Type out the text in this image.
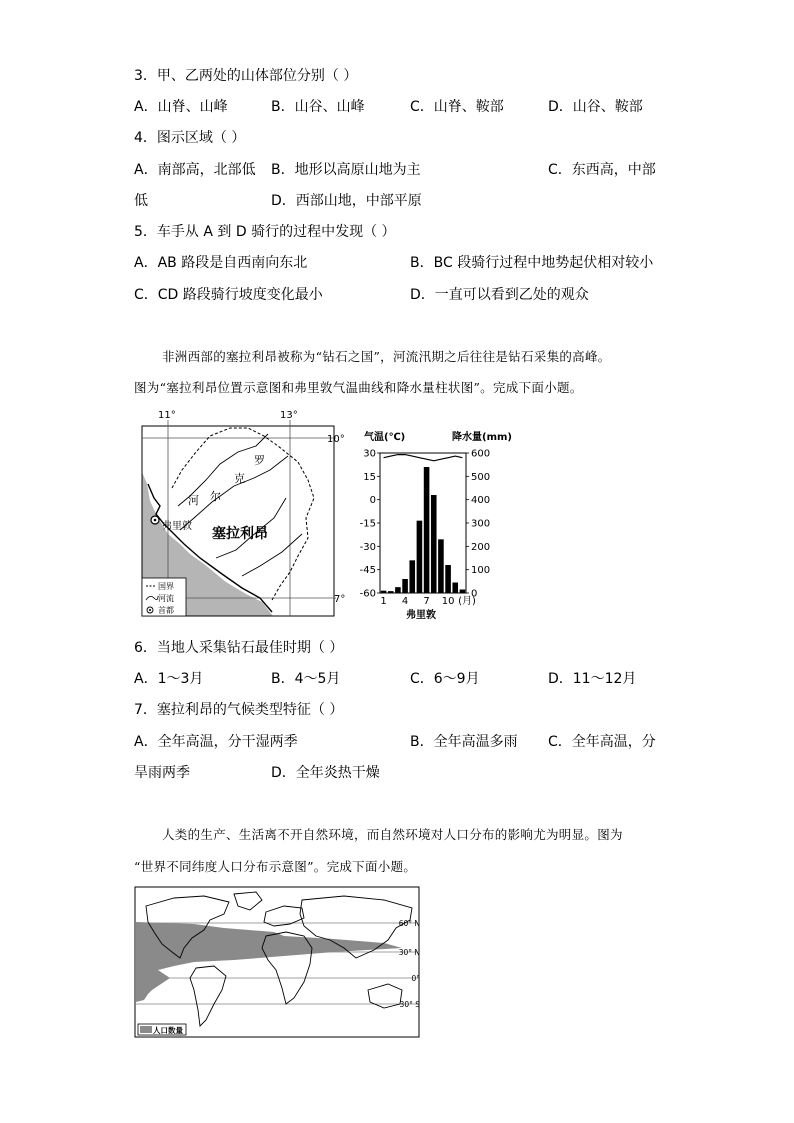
3．甲、乙两处的山体部位分别（ ）
A．山脊、山峰	B．山谷、山峰	C．山脊、鞍部	D．山谷、鞍部
4．图示区域（ ）
A．南部高，北部低 B．地形以高原山地为主	C．东西高，中部
低	D．西部山地，中部平原
5．车手从 A 到 D 骑行的过程中发现（ ）
A．AB 路段是自西南向东北	B．BC 段骑行过程中地势起伏相对较小
C．CD 路段骑行坡度变化最小	D．一直可以看到乙处的观众
非洲西部的塞拉利昂被称为“钻石之国”，河流汛期之后往往是钻石采集的高峰。
图为“塞拉利昂位置示意图和弗里敦气温曲线和降水量柱状图”。完成下面小题。
罗
克
尔
河
弗里敦 塞拉利昂
11°	13°
10°
7°
国界
河流
首都
气温(℃)	降水量(mm)
30
15
0
-15
-30
-45
-60
600
500
400
300
200
100
0
1 4 7 10 (月)
弗里敦
6．当地人采集钻石最佳时期（ ）
A．1～3月	B．4～5月	C．6～9月	D．11～12月
7．塞拉利昂的气候类型特征（ ）
A．全年高温，分干湿两季	B．全年高温多雨 C．全年高温，分
旱雨两季	D．全年炎热干燥
人类的生产、生活离不开自然环境，而自然环境对人口分布的影响尤为明显。图为
“世界不同纬度人口分布示意图”。完成下面小题。
60° N
30° N
0°
30° S
人口数量
